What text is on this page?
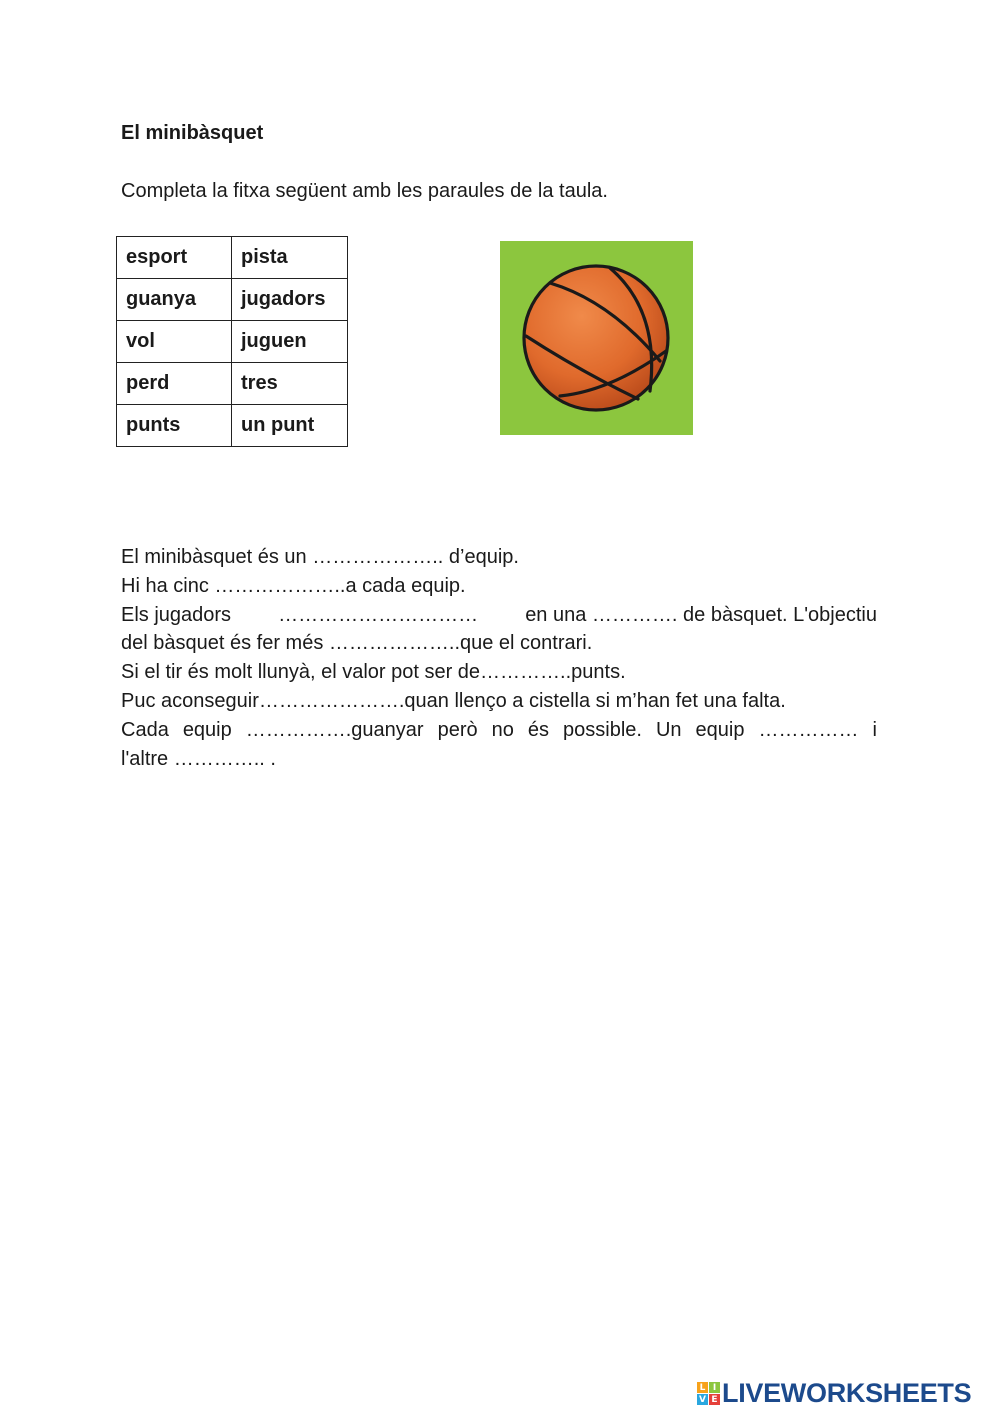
El minibàsquet
Completa la fitxa següent amb les paraules de la taula.
esport	pista
guanya	jugadors
vol	juguen
perd	tres
punts	un punt
El minibàsquet és un ……………….. d’equip.
Hi ha cinc ………………..a cada equip.
Els jugadors ………………………… en una …………. de bàsquet. L'objectiu
del bàsquet és fer més ………………..que el contrari.
Si el tir és molt llunyà, el valor pot ser de…………..punts.
Puc aconseguir………………….quan llenço a cistella si m’han fet una falta.
Cada equip …………….guanyar però no és possible. Un equip …………… i
l'altre ………….. .
L I
V E LIVEWORKSHEETS
